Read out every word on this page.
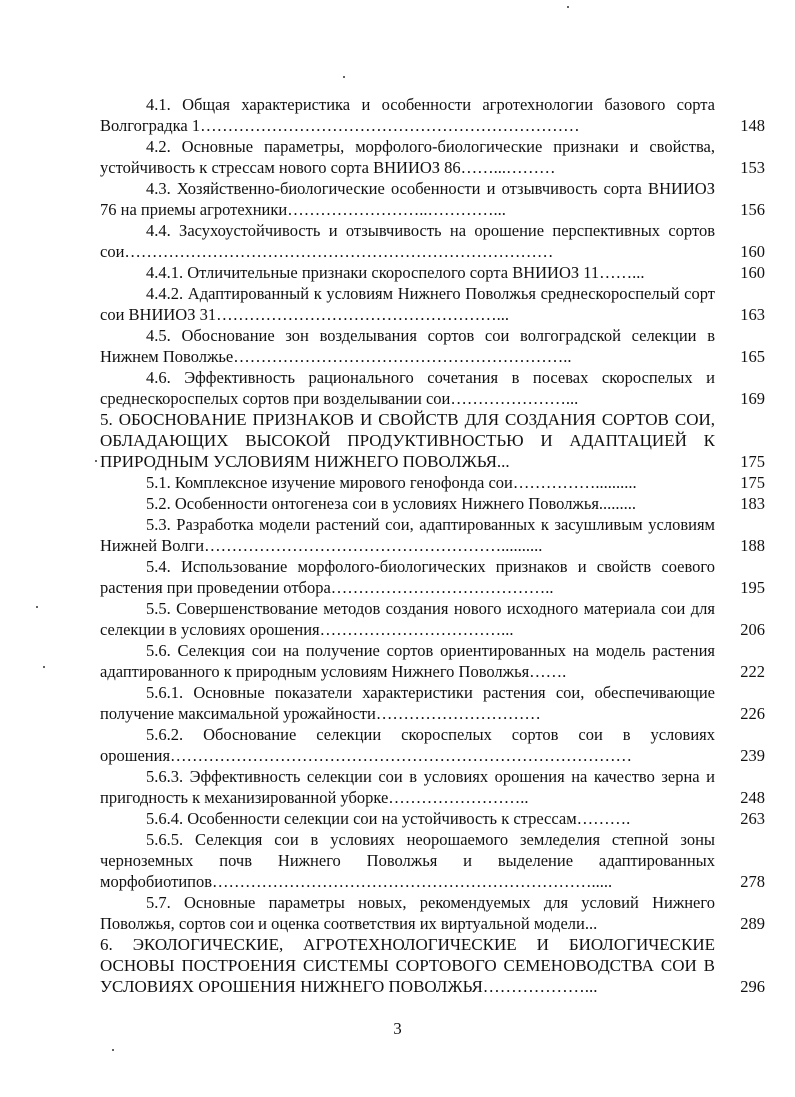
4.1. Общая характеристика и особенности агротехнологии базового сорта Волгоградка 1……………………………………………………………	148
4.2. Основные параметры, морфолого-биологические признаки и свойства, устойчивость к стрессам нового сорта ВНИИОЗ 86……...………	153
4.3. Хозяйственно-биологические особенности и отзывчивость сорта ВНИИОЗ 76 на приемы агротехники……………………..…………...	156
4.4. Засухоустойчивость и отзывчивость на орошение перспективных сортов сои……………………………………………………………………	160
4.4.1. Отличительные признаки скороспелого сорта ВНИИОЗ 11……...	160
4.4.2. Адаптированный к условиям Нижнего Поволжья среднескороспелый сорт сои ВНИИОЗ 31……………………………………………...	163
4.5. Обоснование зон возделывания сортов сои волгоградской селекции в Нижнем Поволжье……………………………………………………..	165
4.6. Эффективность рационального сочетания в посевах скороспелых и среднескороспелых сортов при возделывании сои…………………...	169
5. ОБОСНОВАНИЕ ПРИЗНАКОВ И СВОЙСТВ ДЛЯ СОЗДАНИЯ СОРТОВ СОИ, ОБЛАДАЮЩИХ ВЫСОКОЙ ПРОДУКТИВНОСТЬЮ И АДАПТАЦИЕЙ К ПРИРОДНЫМ УСЛОВИЯМ НИЖНЕГО ПОВОЛЖЬЯ...	175
5.1. Комплексное изучение мирового генофонда сои……………..........	175
5.2. Особенности онтогенеза сои в условиях Нижнего Поволжья.........	183
5.3. Разработка модели растений сои, адаптированных к засушливым условиям Нижней Волги………………………………………………..........	188
5.4. Использование морфолого-биологических признаков и свойств соевого растения при проведении отбора…………………………………..	195
5.5. Совершенствование методов создания нового исходного материала сои для селекции в условиях орошения……………………………...	206
5.6. Селекция сои на получение сортов ориентированных на модель растения адаптированного к природным условиям Нижнего Поволжья…….	222
5.6.1. Основные показатели характеристики растения сои, обеспечивающие получение максимальной урожайности…………………………	226
5.6.2. Обоснование селекции скороспелых сортов сои в условиях орошения…………………………………………………………………………	239
5.6.3. Эффективность селекции сои в условиях орошения на качество зерна и пригодность к механизированной уборке……………………..	248
5.6.4. Особенности селекции сои на устойчивость к стрессам……….	263
5.6.5. Селекция сои в условиях неорошаемого земледелия степной зоны черноземных почв Нижнего Поволжья и выделение адаптированных морфобиотипов…………………………………………………………….....	278
5.7. Основные параметры новых, рекомендуемых для условий Нижнего Поволжья, сортов сои и оценка соответствия их виртуальной модели...	289
6. ЭКОЛОГИЧЕСКИЕ, АГРОТЕХНОЛОГИЧЕСКИЕ И БИОЛОГИЧЕСКИЕ ОСНОВЫ ПОСТРОЕНИЯ СИСТЕМЫ СОРТОВОГО СЕМЕНОВОДСТВА СОИ В УСЛОВИЯХ ОРОШЕНИЯ НИЖНЕГО ПОВОЛЖЬЯ………………...	296
3
